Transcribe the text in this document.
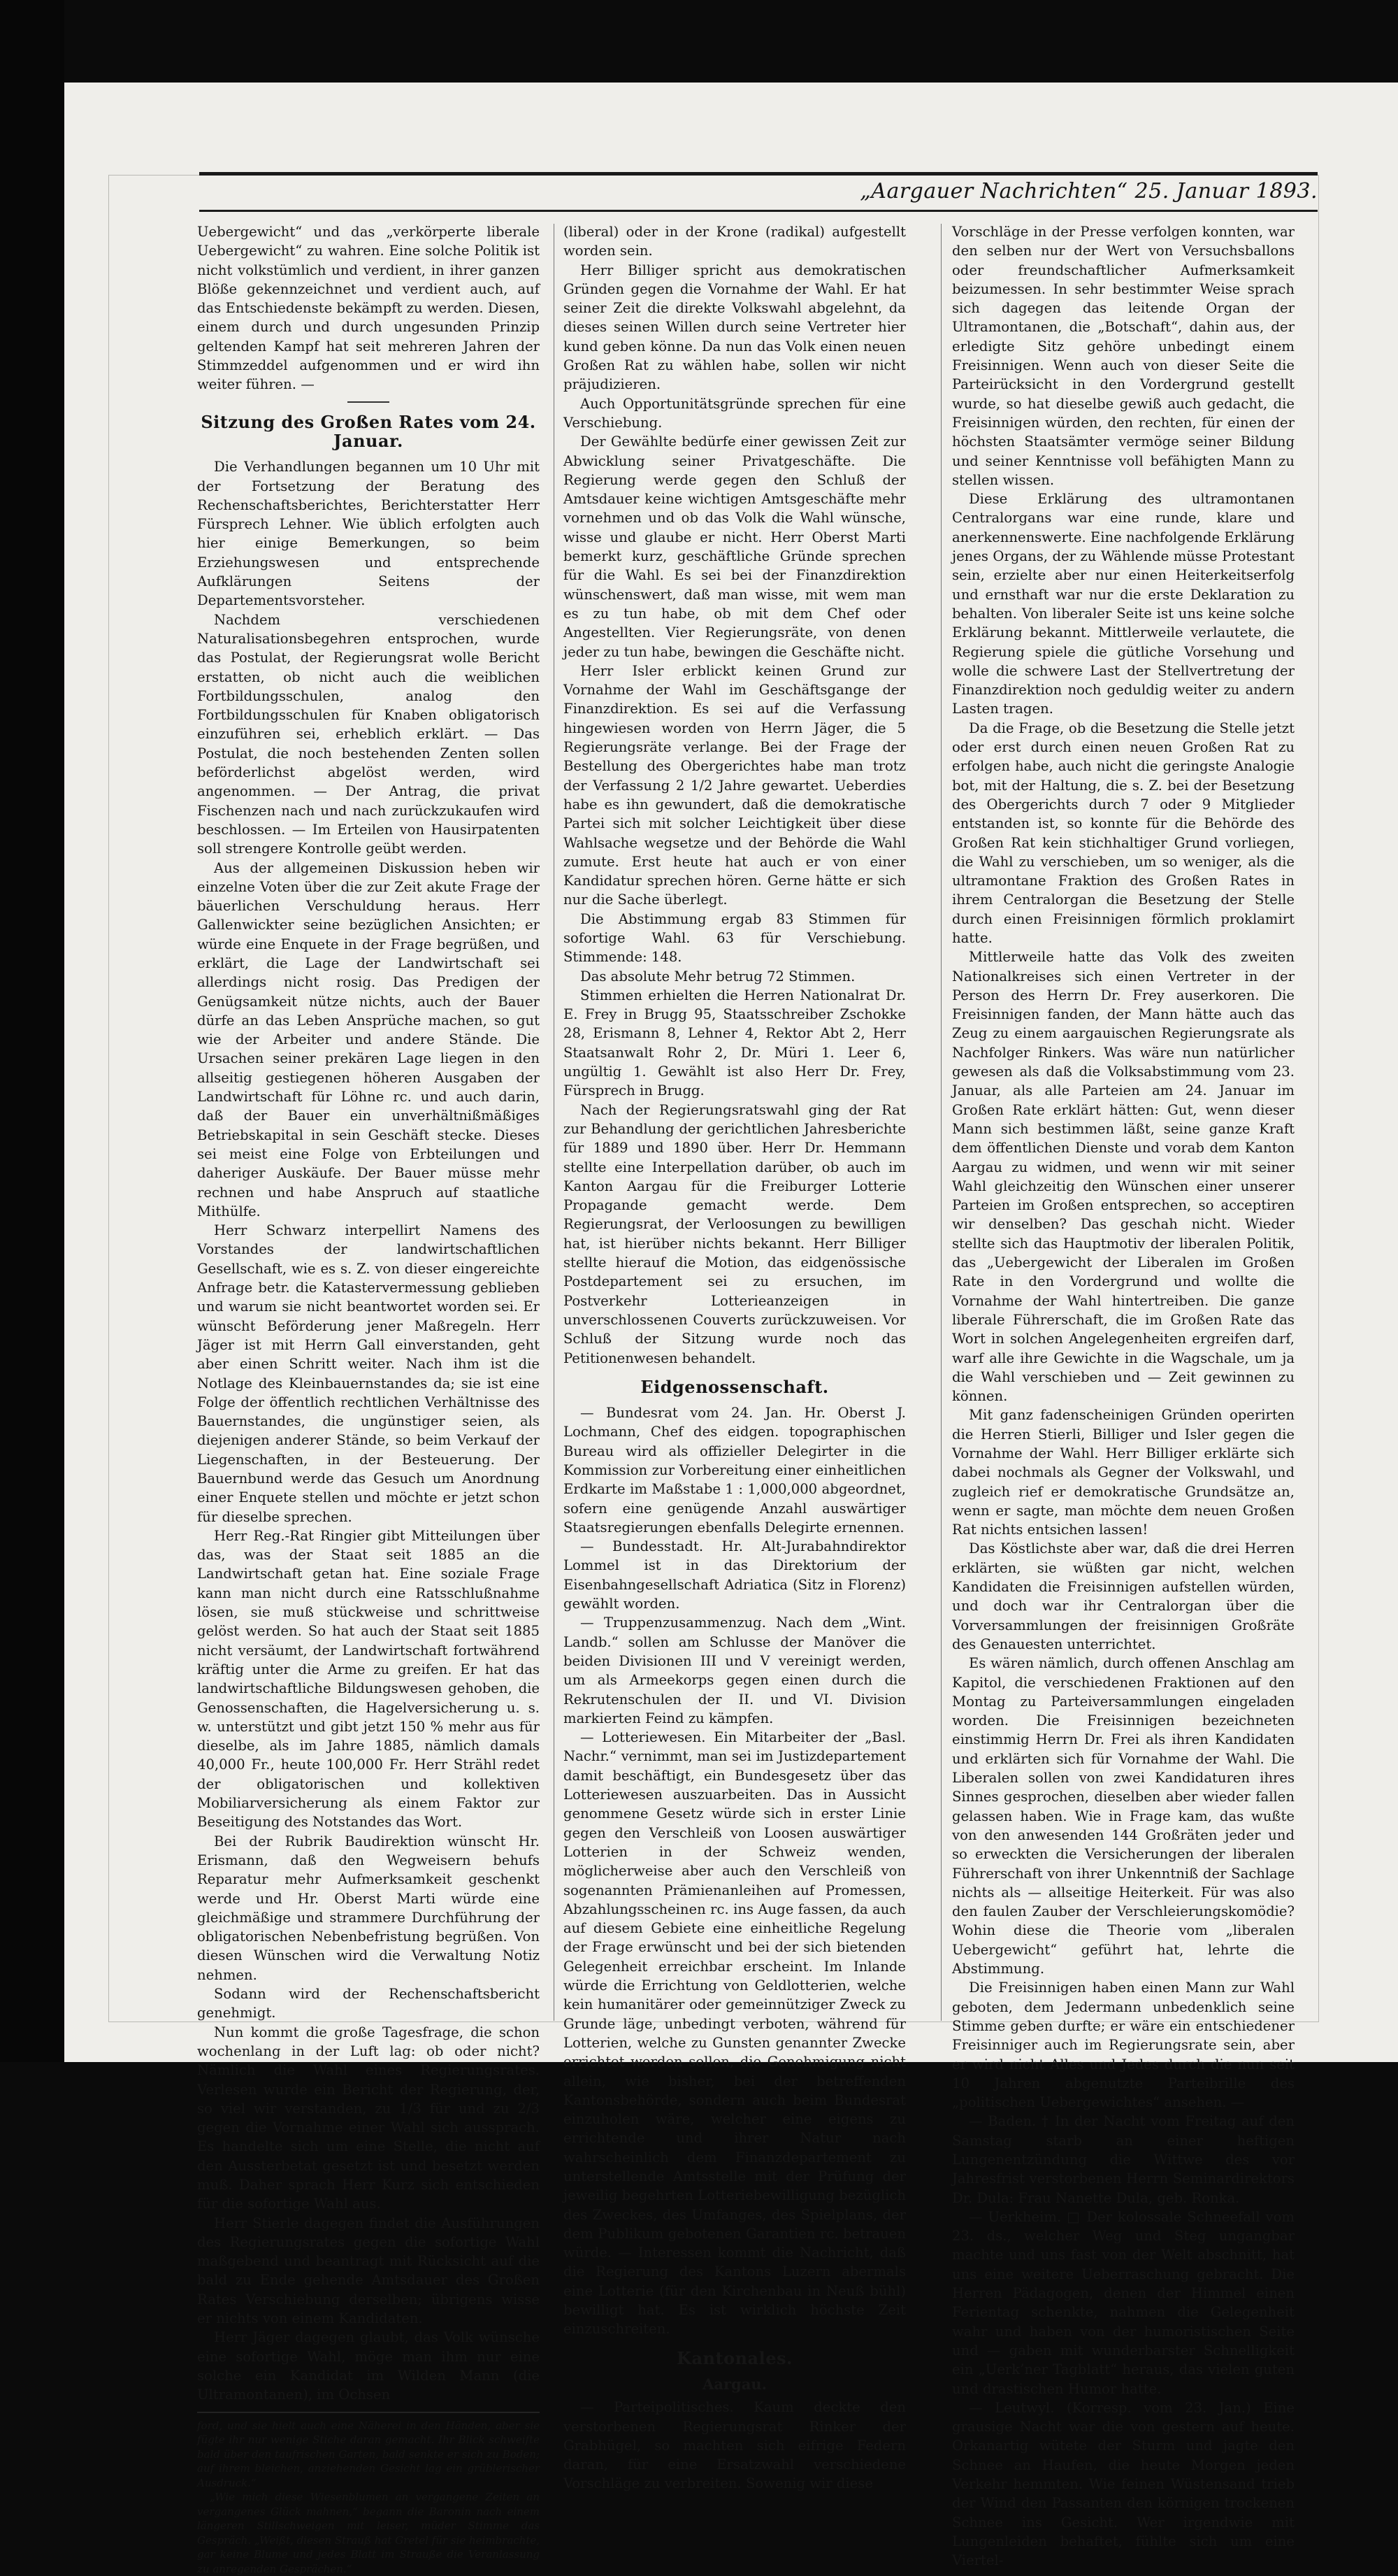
„Aargauer Nachrichten“ 25. Januar 1893.

Uebergewicht“ und das „verkörperte liberale Uebergewicht“ zu wahren. Eine solche Politik ist nicht volkstümlich und verdient, in ihrer ganzen Blöße gekennzeichnet und verdient auch, auf das Entschiedenste bekämpft zu werden. Diesen, einem durch und durch ungesunden Prinzip geltenden Kampf hat seit mehreren Jahren der Stimmzeddel aufgenommen und er wird ihn weiter führen. —

Sitzung des Großen Rates vom 24. Januar.

Die Verhandlungen begannen um 10 Uhr mit der Fortsetzung der Beratung des Rechenschaftsberichtes, Berichterstatter Herr Fürsprech Lehner. Wie üblich erfolgten auch hier einige Bemerkungen, so beim Erziehungswesen und entsprechende Aufklärungen Seitens der Departementsvorsteher.

Nachdem verschiedenen Naturalisationsbegehren entsprochen, wurde das Postulat, der Regierungsrat wolle Bericht erstatten, ob nicht auch die weiblichen Fortbildungsschulen, analog den Fortbildungsschulen für Knaben obligatorisch einzuführen sei, erheblich erklärt. — Das Postulat, die noch bestehenden Zenten sollen beförderlichst abgelöst werden, wird angenommen. — Der Antrag, die privat Fischenzen nach und nach zurückzukaufen wird beschlossen. — Im Erteilen von Hausirpatenten soll strengere Kontrolle geübt werden.

Aus der allgemeinen Diskussion heben wir einzelne Voten über die zur Zeit akute Frage der bäuerlichen Verschuldung heraus. Herr Gallenwickter seine bezüglichen Ansichten; er würde eine Enquete in der Frage begrüßen, und erklärt, die Lage der Landwirtschaft sei allerdings nicht rosig. Das Predigen der Genügsamkeit nütze nichts, auch der Bauer dürfe an das Leben Ansprüche machen, so gut wie der Arbeiter und andere Stände. Die Ursachen seiner prekären Lage liegen in den allseitig gestiegenen höheren Ausgaben der Landwirtschaft für Löhne rc. und auch darin, daß der Bauer ein unverhältnißmäßiges Betriebskapital in sein Geschäft stecke. Dieses sei meist eine Folge von Erbteilungen und daheriger Auskäufe. Der Bauer müsse mehr rechnen und habe Anspruch auf staatliche Mithülfe.

Herr Schwarz interpellirt Namens des Vorstandes der landwirtschaftlichen Gesellschaft, wie es s. Z. von dieser eingereichte Anfrage betr. die Katastervermessung geblieben und warum sie nicht beantwortet worden sei. Er wünscht Beförderung jener Maßregeln. Herr Jäger ist mit Herrn Gall einverstanden, geht aber einen Schritt weiter. Nach ihm ist die Notlage des Kleinbauernstandes da; sie ist eine Folge der öffentlich rechtlichen Verhältnisse des Bauernstandes, die ungünstiger seien, als diejenigen anderer Stände, so beim Verkauf der Liegenschaften, in der Besteuerung. Der Bauernbund werde das Gesuch um Anordnung einer Enquete stellen und möchte er jetzt schon für dieselbe sprechen.

Herr Reg.-Rat Ringier gibt Mitteilungen über das, was der Staat seit 1885 an die Landwirtschaft getan hat. Eine soziale Frage kann man nicht durch eine Ratsschlußnahme lösen, sie muß stückweise und schrittweise gelöst werden. So hat auch der Staat seit 1885 nicht versäumt, der Landwirtschaft fortwährend kräftig unter die Arme zu greifen. Er hat das landwirtschaftliche Bildungswesen gehoben, die Genossenschaften, die Hagelversicherung u. s. w. unterstützt und gibt jetzt 150 % mehr aus für dieselbe, als im Jahre 1885, nämlich damals 40,000 Fr., heute 100,000 Fr. Herr Strähl redet der obligatorischen und kollektiven Mobiliarversicherung als einem Faktor zur Beseitigung des Notstandes das Wort.

Bei der Rubrik Baudirektion wünscht Hr. Erismann, daß den Wegweisern behufs Reparatur mehr Aufmerksamkeit geschenkt werde und Hr. Oberst Marti würde eine gleichmäßige und strammere Durchführung der obligatorischen Nebenbefristung begrüßen. Von diesen Wünschen wird die Verwaltung Notiz nehmen.

Sodann wird der Rechenschaftsbericht genehmigt.

Nun kommt die große Tagesfrage, die schon wochenlang in der Luft lag: ob oder nicht? Nämlich die Wahl eines Regierungsrates. Verlesen wurde ein Bericht der Regierung, der, so viel wir verstanden, zu 1/3 für und zu 2/3 gegen die Vornahme einer Wahl sich aussprach. Es handelte sich um eine Stelle, die nicht auf den Aussterbetat gesetzt ist und besetzt werden muß. Daher sprach Herr Kurz sich entschieden für die sofortige Wahl aus.

Herr Stierle dagegen findet die Ausführungen des Regierungsrates gegen die sofortige Wahl maßgebend und beantragt mit Rücksicht auf die bald zu Ende gehende Amtsdauer des Großen Rates Verschiebung derselben; übrigens wisse er nichts von einem Kandidaten.

Herr Jäger dagegen glaubt, das Volk wünsche eine sofortige Wahl, möge man ihm nur eine solche ein Kandidat im Wilden Mann (die Ultramontanen), im Ochsen

ford, und sie hielt auch eine Näherei in den Händen, aber sie fügte ihr nur wenige Stiche daran gemacht. Ihr Blick schweifte bald über den taufrischen Garten, bald senkte er sich zu Boden; auf ihrem bleichen, anziehenden Gesicht lag ein grüblerischer Ausdruck.“

„Wie mich diese Wiesenblumen an vergangene Zeiten an vergangenes Glück mahnen,“ begann die Baronin nach einem längeren Stillschweigen mit leiser, müder Stimme das Gespräch. „Weißt, diesen Strauß hat Gretel für sie heimbrachte, gar keine Blume und jedes Blatt im Strauße die Veranlassung zu anregenden Gesprächen.“

(liberal) oder in der Krone (radikal) aufgestellt worden sein.

Herr Billiger spricht aus demokratischen Gründen gegen die Vornahme der Wahl. Er hat seiner Zeit die direkte Volkswahl abgelehnt, da dieses seinen Willen durch seine Vertreter hier kund geben könne. Da nun das Volk einen neuen Großen Rat zu wählen habe, sollen wir nicht präjudizieren.

Auch Opportunitätsgründe sprechen für eine Verschiebung.

Der Gewählte bedürfe einer gewissen Zeit zur Abwicklung seiner Privatgeschäfte. Die Regierung werde gegen den Schluß der Amtsdauer keine wichtigen Amtsgeschäfte mehr vornehmen und ob das Volk die Wahl wünsche, wisse und glaube er nicht. Herr Oberst Marti bemerkt kurz, geschäftliche Gründe sprechen für die Wahl. Es sei bei der Finanzdirektion wünschenswert, daß man wisse, mit wem man es zu tun habe, ob mit dem Chef oder Angestellten. Vier Regierungsräte, von denen jeder zu tun habe, bewingen die Geschäfte nicht.

Herr Isler erblickt keinen Grund zur Vornahme der Wahl im Geschäftsgange der Finanzdirektion. Es sei auf die Verfassung hingewiesen worden von Herrn Jäger, die 5 Regierungsräte verlange. Bei der Frage der Bestellung des Obergerichtes habe man trotz der Verfassung 2 1/2 Jahre gewartet. Ueberdies habe es ihn gewundert, daß die demokratische Partei sich mit solcher Leichtigkeit über diese Wahlsache wegsetze und der Behörde die Wahl zumute. Erst heute hat auch er von einer Kandidatur sprechen hören. Gerne hätte er sich nur die Sache überlegt.

Die Abstimmung ergab 83 Stimmen für sofortige Wahl. 63 für Verschiebung. Stimmende: 148.

Das absolute Mehr betrug 72 Stimmen.

Stimmen erhielten die Herren Nationalrat Dr. E. Frey in Brugg 95, Staatsschreiber Zschokke 28, Erismann 8, Lehner 4, Rektor Abt 2, Herr Staatsanwalt Rohr 2, Dr. Müri 1. Leer 6, ungültig 1. Gewählt ist also Herr Dr. Frey, Fürsprech in Brugg.

Nach der Regierungsratswahl ging der Rat zur Behandlung der gerichtlichen Jahresberichte für 1889 und 1890 über. Herr Dr. Hemmann stellte eine Interpellation darüber, ob auch im Kanton Aargau für die Freiburger Lotterie Propagande gemacht werde. Dem Regierungsrat, der Verloosungen zu bewilligen hat, ist hierüber nichts bekannt. Herr Billiger stellte hierauf die Motion, das eidgenössische Postdepartement sei zu ersuchen, im Postverkehr Lotterieanzeigen in unverschlossenen Couverts zurückzuweisen. Vor Schluß der Sitzung wurde noch das Petitionenwesen behandelt.

Eidgenossenschaft.

— Bundesrat vom 24. Jan. Hr. Oberst J. Lochmann, Chef des eidgen. topographischen Bureau wird als offizieller Delegirter in die Kommission zur Vorbereitung einer einheitlichen Erdkarte im Maßstabe 1 : 1,000,000 abgeordnet, sofern eine genügende Anzahl auswärtiger Staatsregierungen ebenfalls Delegirte ernennen.

— Bundesstadt. Hr. Alt-Jurabahndirektor Lommel ist in das Direktorium der Eisenbahngesellschaft Adriatica (Sitz in Florenz) gewählt worden.

— Truppenzusammenzug. Nach dem „Wint. Landb.“ sollen am Schlusse der Manöver die beiden Divisionen III und V vereinigt werden, um als Armeekorps gegen einen durch die Rekrutenschulen der II. und VI. Division markierten Feind zu kämpfen.

— Lotteriewesen. Ein Mitarbeiter der „Basl. Nachr.“ vernimmt, man sei im Justizdepartement damit beschäftigt, ein Bundesgesetz über das Lotteriewesen auszuarbeiten. Das in Aussicht genommene Gesetz würde sich in erster Linie gegen den Verschleiß von Loosen auswärtiger Lotterien in der Schweiz wenden, möglicherweise aber auch den Verschleiß von sogenannten Prämienanleihen auf Promessen, Abzahlungsscheinen rc. ins Auge fassen, da auch auf diesem Gebiete eine einheitliche Regelung der Frage erwünscht und bei der sich bietenden Gelegenheit erreichbar erscheint. Im Inlande würde die Errichtung von Geldlotterien, welche kein humanitärer oder gemeinnütziger Zweck zu Grunde läge, unbedingt verboten, während für Lotterien, welche zu Gunsten genannter Zwecke errichtet werden sollen, die Genehmigung nicht allein, wie bisher, bei der betreffenden Kantonsbehörde, sondern auch beim Bundesrat einzuholen wäre, welcher eine eigens zu errichtende und ihrer Natur nach wahrscheinlich dem Finanzdepartement zu unterstellende Amtsstelle mit der Prüfung der jeweilig begehrten Lotteriebewilligung bezüglich des Zweckes, des Umfanges, des Spielplans, der dem Publikum gebotenen Garantien rc. betrauen würde. — Interessen kommt die Nachricht, daß die Regierung des Kantons Luzern abermals eine Lotterie (für den Kirchenbau in Neuß bühl) bewilligt hat. Es ist wirklich höchste Zeit einzuschreiten.

Kantonales.
Aargau.

— Parteipolitisches. Kaum deckte den verstorbenen Regierungsrat Rinker der Grabhügel, so machten sich eifrige Federn daran, für eine Ersatzwahl verschiedene Vorschläge zu verbreiten. Sowenig wir diese

Vorschläge in der Presse verfolgen konnten, war den selben nur der Wert von Versuchsballons oder freundschaftlicher Aufmerksamkeit beizumessen. In sehr bestimmter Weise sprach sich dagegen das leitende Organ der Ultramontanen, die „Botschaft“, dahin aus, der erledigte Sitz gehöre unbedingt einem Freisinnigen. Wenn auch von dieser Seite die Parteirücksicht in den Vordergrund gestellt wurde, so hat dieselbe gewiß auch gedacht, die Freisinnigen würden, den rechten, für einen der höchsten Staatsämter vermöge seiner Bildung und seiner Kenntnisse voll befähigten Mann zu stellen wissen.

Diese Erklärung des ultramontanen Centralorgans war eine runde, klare und anerkennenswerte. Eine nachfolgende Erklärung jenes Organs, der zu Wählende müsse Protestant sein, erzielte aber nur einen Heiterkeitserfolg und ernsthaft war nur die erste Deklaration zu behalten. Von liberaler Seite ist uns keine solche Erklärung bekannt. Mittlerweile verlautete, die Regierung spiele die gütliche Vorsehung und wolle die schwere Last der Stellvertretung der Finanzdirektion noch geduldig weiter zu andern Lasten tragen.

Da die Frage, ob die Besetzung die Stelle jetzt oder erst durch einen neuen Großen Rat zu erfolgen habe, auch nicht die geringste Analogie bot, mit der Haltung, die s. Z. bei der Besetzung des Obergerichts durch 7 oder 9 Mitglieder entstanden ist, so konnte für die Behörde des Großen Rat kein stichhaltiger Grund vorliegen, die Wahl zu verschieben, um so weniger, als die ultramontane Fraktion des Großen Rates in ihrem Centralorgan die Besetzung der Stelle durch einen Freisinnigen förmlich proklamirt hatte.

Mittlerweile hatte das Volk des zweiten Nationalkreises sich einen Vertreter in der Person des Herrn Dr. Frey auserkoren. Die Freisinnigen fanden, der Mann hätte auch das Zeug zu einem aargauischen Regierungsrate als Nachfolger Rinkers. Was wäre nun natürlicher gewesen als daß die Volksabstimmung vom 23. Januar, als alle Parteien am 24. Januar im Großen Rate erklärt hätten: Gut, wenn dieser Mann sich bestimmen läßt, seine ganze Kraft dem öffentlichen Dienste und vorab dem Kanton Aargau zu widmen, und wenn wir mit seiner Wahl gleichzeitig den Wünschen einer unserer Parteien im Großen entsprechen, so acceptiren wir denselben? Das geschah nicht. Wieder stellte sich das Hauptmotiv der liberalen Politik, das „Uebergewicht der Liberalen im Großen Rate in den Vordergrund und wollte die Vornahme der Wahl hintertreiben. Die ganze liberale Führerschaft, die im Großen Rate das Wort in solchen Angelegenheiten ergreifen darf, warf alle ihre Gewichte in die Wagschale, um ja die Wahl verschieben und — Zeit gewinnen zu können.

Mit ganz fadenscheinigen Gründen operirten die Herren Stierli, Billiger und Isler gegen die Vornahme der Wahl. Herr Billiger erklärte sich dabei nochmals als Gegner der Volkswahl, und zugleich rief er demokratische Grundsätze an, wenn er sagte, man möchte dem neuen Großen Rat nichts entsichen lassen!

Das Köstlichste aber war, daß die drei Herren erklärten, sie wüßten gar nicht, welchen Kandidaten die Freisinnigen aufstellen würden, und doch war ihr Centralorgan über die Vorversammlungen der freisinnigen Großräte des Genauesten unterrichtet.

Es wären nämlich, durch offenen Anschlag am Kapitol, die verschiedenen Fraktionen auf den Montag zu Parteiversammlungen eingeladen worden. Die Freisinnigen bezeichneten einstimmig Herrn Dr. Frei als ihren Kandidaten und erklärten sich für Vornahme der Wahl. Die Liberalen sollen von zwei Kandidaturen ihres Sinnes gesprochen, dieselben aber wieder fallen gelassen haben. Wie in Frage kam, das wußte von den anwesenden 144 Großräten jeder und so erweckten die Versicherungen der liberalen Führerschaft von ihrer Unkenntniß der Sachlage nichts als — allseitige Heiterkeit. Für was also den faulen Zauber der Verschleierungskomödie? Wohin diese die Theorie vom „liberalen Uebergewicht“ geführt hat, lehrte die Abstimmung.

Die Freisinnigen haben einen Mann zur Wahl geboten, dem Jedermann unbedenklich seine Stimme geben durfte; er wäre ein entschiedener Freisinniger auch im Regierungsrate sein, aber er wird nicht Alles und Jedes durch die nun seit 10 Jahren abgenutzte Parteibrille des „politischen Uebergewichtes“ ansehen. —

— Baden. † In der Nacht vom Freitag auf den Samstag starb an einer heftigen Lungenentzündung die Wittwe des vor Jahresfrist verstorbenen Herrn Seminardirektors Dr. Dula: Frau Nanette Dula, geb. Ronka.

— Uerkheim. □ Der kolossale Schneefall vom 23. ds., welcher Weg und Steg ungangbar machte und uns fast von der Welt abschnitt, hat uns eine weitere Ueberraschung gebracht. Die Herren Pädagogen, denen der Himmel einen Ferientag schenkte, nahmen die Gelegenheit wahr und haben von der humoristischen Seite und — gaben mit wunderbarster Schnelligkeit ein „Uerk’ner Tagblatt“ heraus, das vielen guten und drastischen Humor hatte.

— Leutwyl. (Korresp. vom 23. Jan.) Eine grausige Nacht war die von gestern auf heute. Orkanartig wütete der Sturm und jagte den Schnee an Haufen, die heute Morgen jeden Verkehr hemmten. Wie feinen Wüstensand trieb der Wind den Passanten den körnigen trockenen Schnee ins Gesicht. Wer irgendwie mit Lungenleiden behaftet, fühlte sich um eine Viertel-
